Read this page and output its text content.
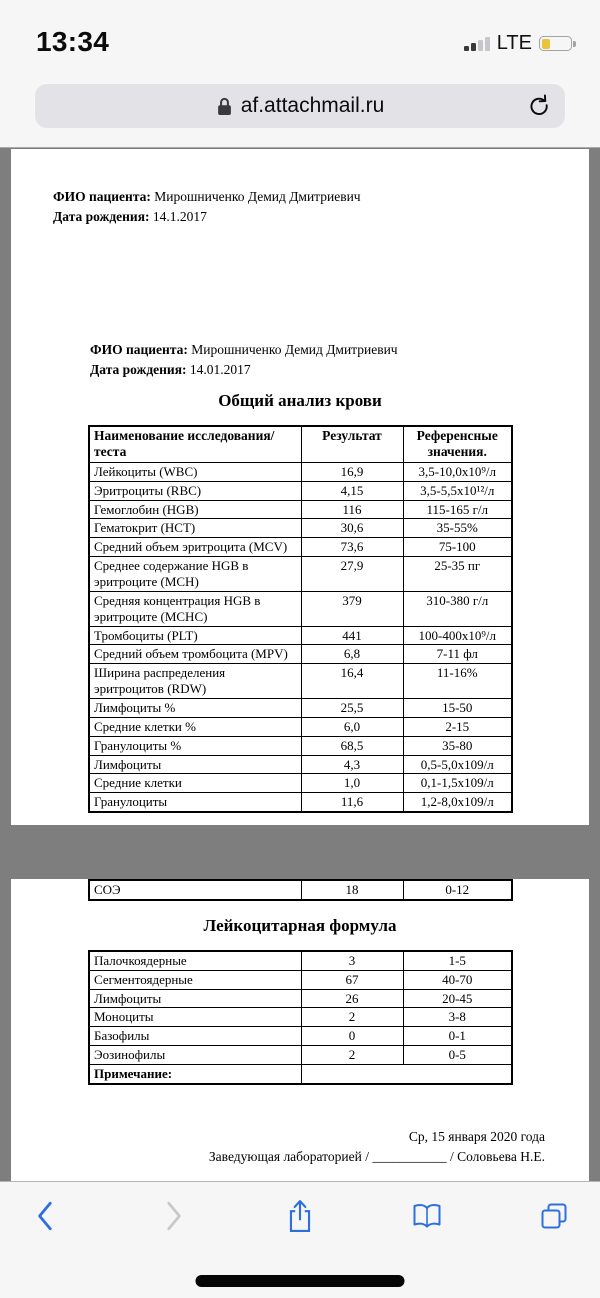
13:34	LTE
af.attachmail.ru
ФИО пациента: Мирошниченко Демид Дмитриевич
Дата рождения: 14.1.2017
ФИО пациента: Мирошниченко Демид Дмитриевич
Дата рождения: 14.01.2017
Общий анализ крови
Наименование исследования/теста	Результат	Референсные значения.
Лейкоциты (WBC)	16,9	3,5-10,0x10⁹/л
Эритроциты (RBC)	4,15	3,5-5,5x10¹²/л
Гемоглобин (HGB)	116	115-165 г/л
Гематокрит (HCT)	30,6	35-55%
Средний объем эритроцита (MCV)	73,6	75-100
Среднее содержание HGB в эритроците (MCH)	27,9	25-35 пг
Средняя концентрация HGB в эритроците (MCHC)	379	310-380 г/л
Тромбоциты (PLT)	441	100-400x10⁹/л
Средний объем тромбоцита (MPV)	6,8	7-11 фл
Ширина распределения эритроцитов (RDW)	16,4	11-16%
Лимфоциты %	25,5	15-50
Средние клетки %	6,0	2-15
Гранулоциты %	68,5	35-80
Лимфоциты	4,3	0,5-5,0x109/л
Средние клетки	1,0	0,1-1,5x109/л
Гранулоциты	11,6	1,2-8,0x109/л
СОЭ	18	0-12
Лейкоцитарная формула
Палочкоядерные	3	1-5
Сегментоядерные	67	40-70
Лимфоциты	26	20-45
Моноциты	2	3-8
Базофилы	0	0-1
Эозинофилы	2	0-5
Примечание:		
Ср, 15 января 2020 года
Заведующая лабораторией / ___________ / Соловьева Н.Е.
